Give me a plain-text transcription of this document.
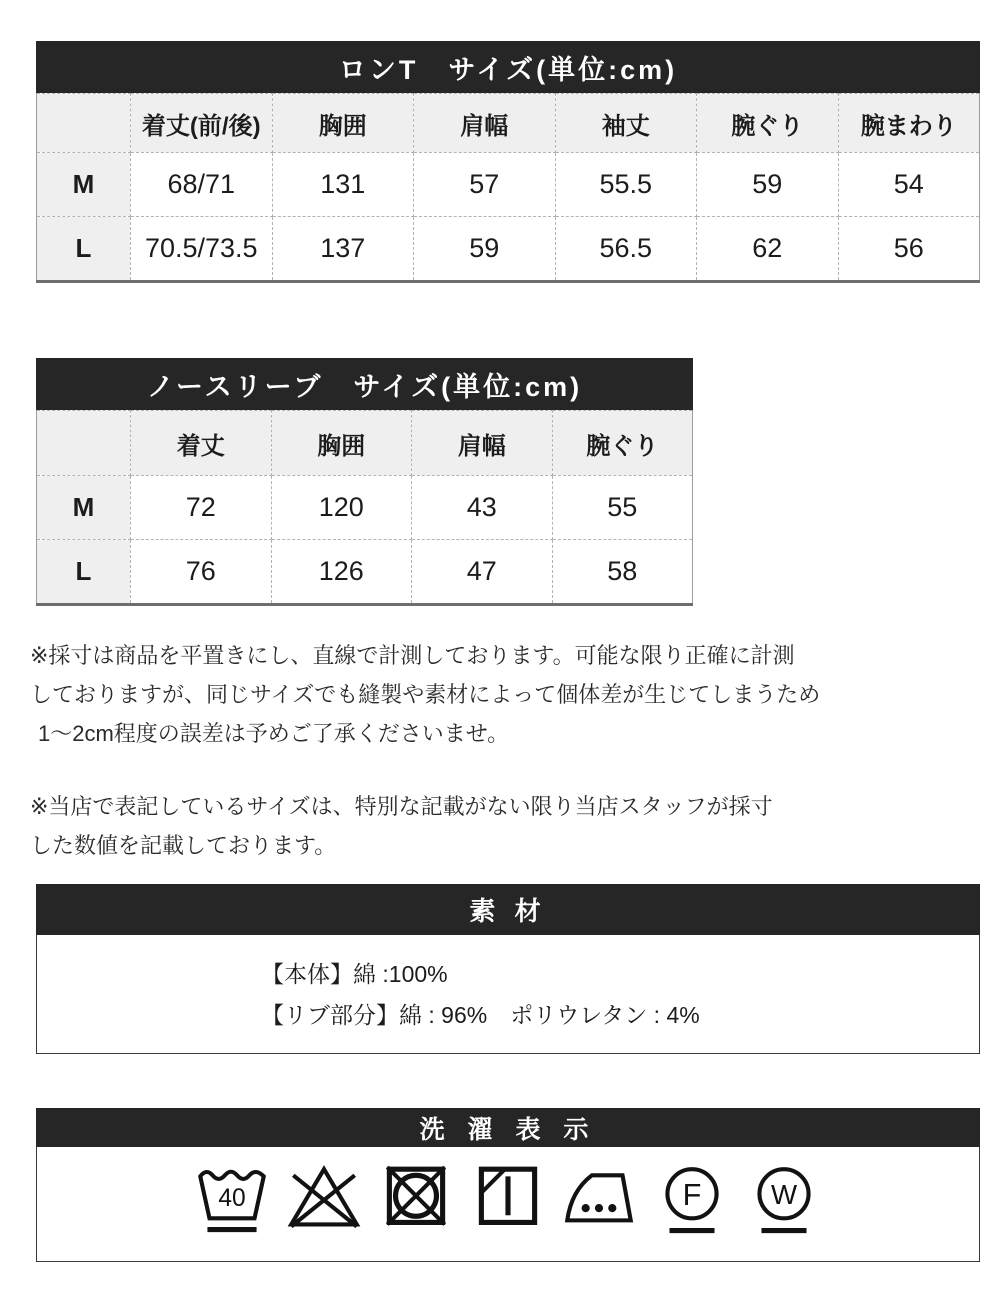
ロンT　サイズ(単位:cm)
	着丈(前/後)	胸囲	肩幅	袖丈	腕ぐり	腕まわり
M	68/71	131	57	55.5	59	54
L	70.5/73.5	137	59	56.5	62	56
ノースリーブ　サイズ(単位:cm)
	着丈	胸囲	肩幅	腕ぐり
M	72	120	43	55
L	76	126	47	58
※採寸は商品を平置きにし、直線で計測しております。可能な限り正確に計測
しておりますが、同じサイズでも縫製や素材によって個体差が生じてしまうため
1～2cm程度の誤差は予めご了承くださいませ。
※当店で表記しているサイズは、特別な記載がない限り当店スタッフが採寸
した数値を記載しております。
素 材
【本体】綿 :100%
【リブ部分】綿 : 96%　ポリウレタン : 4%
洗 濯 表 示
40	F	W
